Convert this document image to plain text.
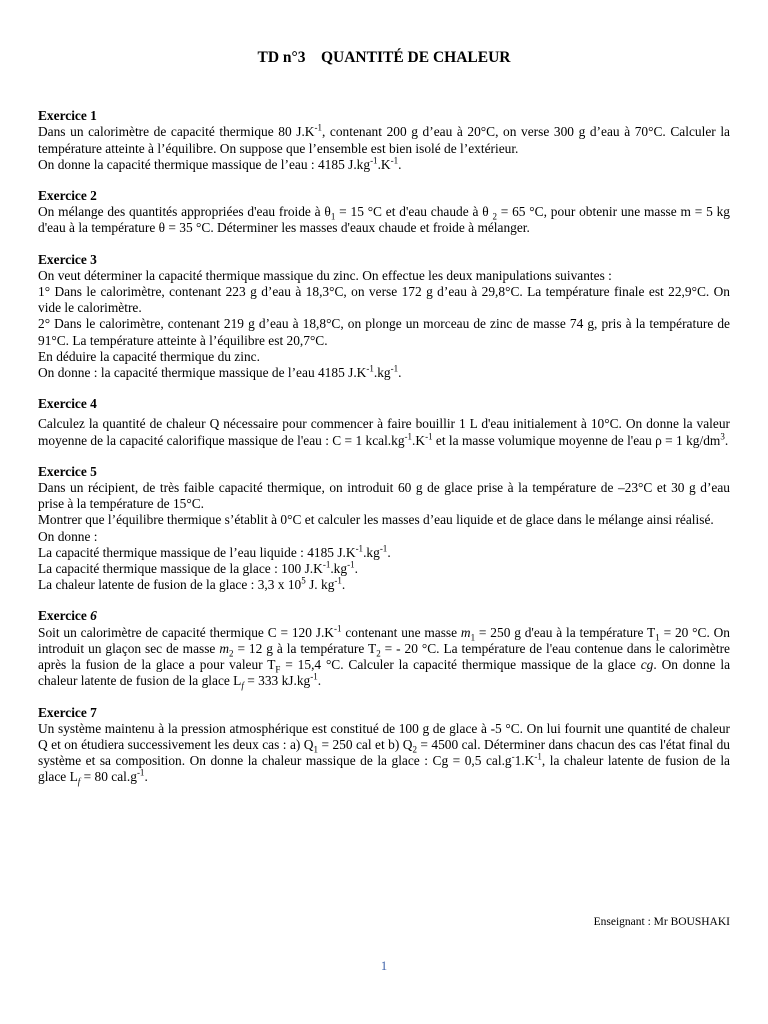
TD n°3    QUANTITÉ DE CHALEUR
Exercice 1

Dans un calorimètre de capacité thermique 80 $J.K^{-1}$, contenant 200 g d’eau à 20°C, on verse 300 g d’eau à 70°C. Calculer la température atteinte à l’équilibre. On suppose que l’ensemble est bien isolé de l’extérieur.

On donne la capacité thermique massique de l’eau : 4185 $J.kg^{-1}.K^{-1}$.

Exercice 2

On mélange des quantités appropriées d'eau froide à $\theta_1 = 15$ °C et d'eau chaude à θ $_2$ = 65 °C, pour obtenir une masse m = 5 kg d'eau à la température θ = 35 °C. Déterminer les masses d'eaux chaude et froide à mélanger.

Exercice 3

On veut déterminer la capacité thermique massique du zinc. On effectue les deux manipulations suivantes :

1° Dans le calorimètre, contenant 223 g d’eau à 18,3°C, on verse 172 g d’eau à 29,8°C. La température finale est 22,9°C. On vide le calorimètre.

2° Dans le calorimètre, contenant 219 g d’eau à 18,8°C, on plonge un morceau de zinc de masse 74 g, pris à la température de 91°C. La température atteinte à l’équilibre est 20,7°C.

En déduire la capacité thermique du zinc.

On donne : la capacité thermique massique de l’eau 4185 $J.K^{-1}.kg^{-1}$.

Exercice 4

Calculez la quantité de chaleur Q nécessaire pour commencer à faire bouillir 1 L d'eau initialement à 10°C. On donne la valeur moyenne de la capacité calorifique massique de l'eau : C = 1 $kcal.kg^{-1}.K^{-1}$ et la masse volumique moyenne de l'eau ρ = 1 $kg/dm^3$.

Exercice 5

Dans un récipient, de très faible capacité thermique, on introduit 60 g de glace prise à la température de –23°C et 30 g d’eau prise à la température de 15°C.

Montrer que l’équilibre thermique s’établit à 0°C et calculer les masses d’eau liquide et de glace dans le mélange ainsi réalisé.

On donne :

La capacité thermique massique de l’eau liquide : 4185 $J.K^{-1}.kg^{-1}$.

La capacité thermique massique de la glace : 100 $J.K^{-1}.kg^{-1}$.

La chaleur latente de fusion de la glace : 3,3 x $10^5$ J. $kg^{-1}$.

Exercice 6

Soit un calorimètre de capacité thermique C = 120 $J.K^{-1}$ contenant une masse $m_1 = 250$ g d'eau à la température $T_1 = 20$ °C. On introduit un glaçon sec de masse $m_2 = 12$ g à la température $T_2$ = - 20 °C. La température de l'eau contenue dans le calorimètre après la fusion de la glace a pour valeur $T_F = 15,4$ °C. Calculer la capacité thermique massique de la glace cg. On donne la chaleur latente de fusion de la glace $L_f = 333$ $kJ.kg^{-1}$.

Exercice 7

Un système maintenu à la pression atmosphérique est constitué de 100 g de glace à -5 °C. On lui fournit une quantité de chaleur Q et on étudiera successivement les deux cas : a) $Q_1 = 250$ cal et b) $Q_2 = 4500$ cal. Déterminer dans chacun des cas l'état final du système et sa composition. On donne la chaleur massique de la glace : Cg = 0,5 $cal.g^-1.K^{-1}$, la chaleur latente de fusion de la glace $L_f = 80$ $cal.g^{-1}$.

Enseignant : Mr BOUSHAKI
1
